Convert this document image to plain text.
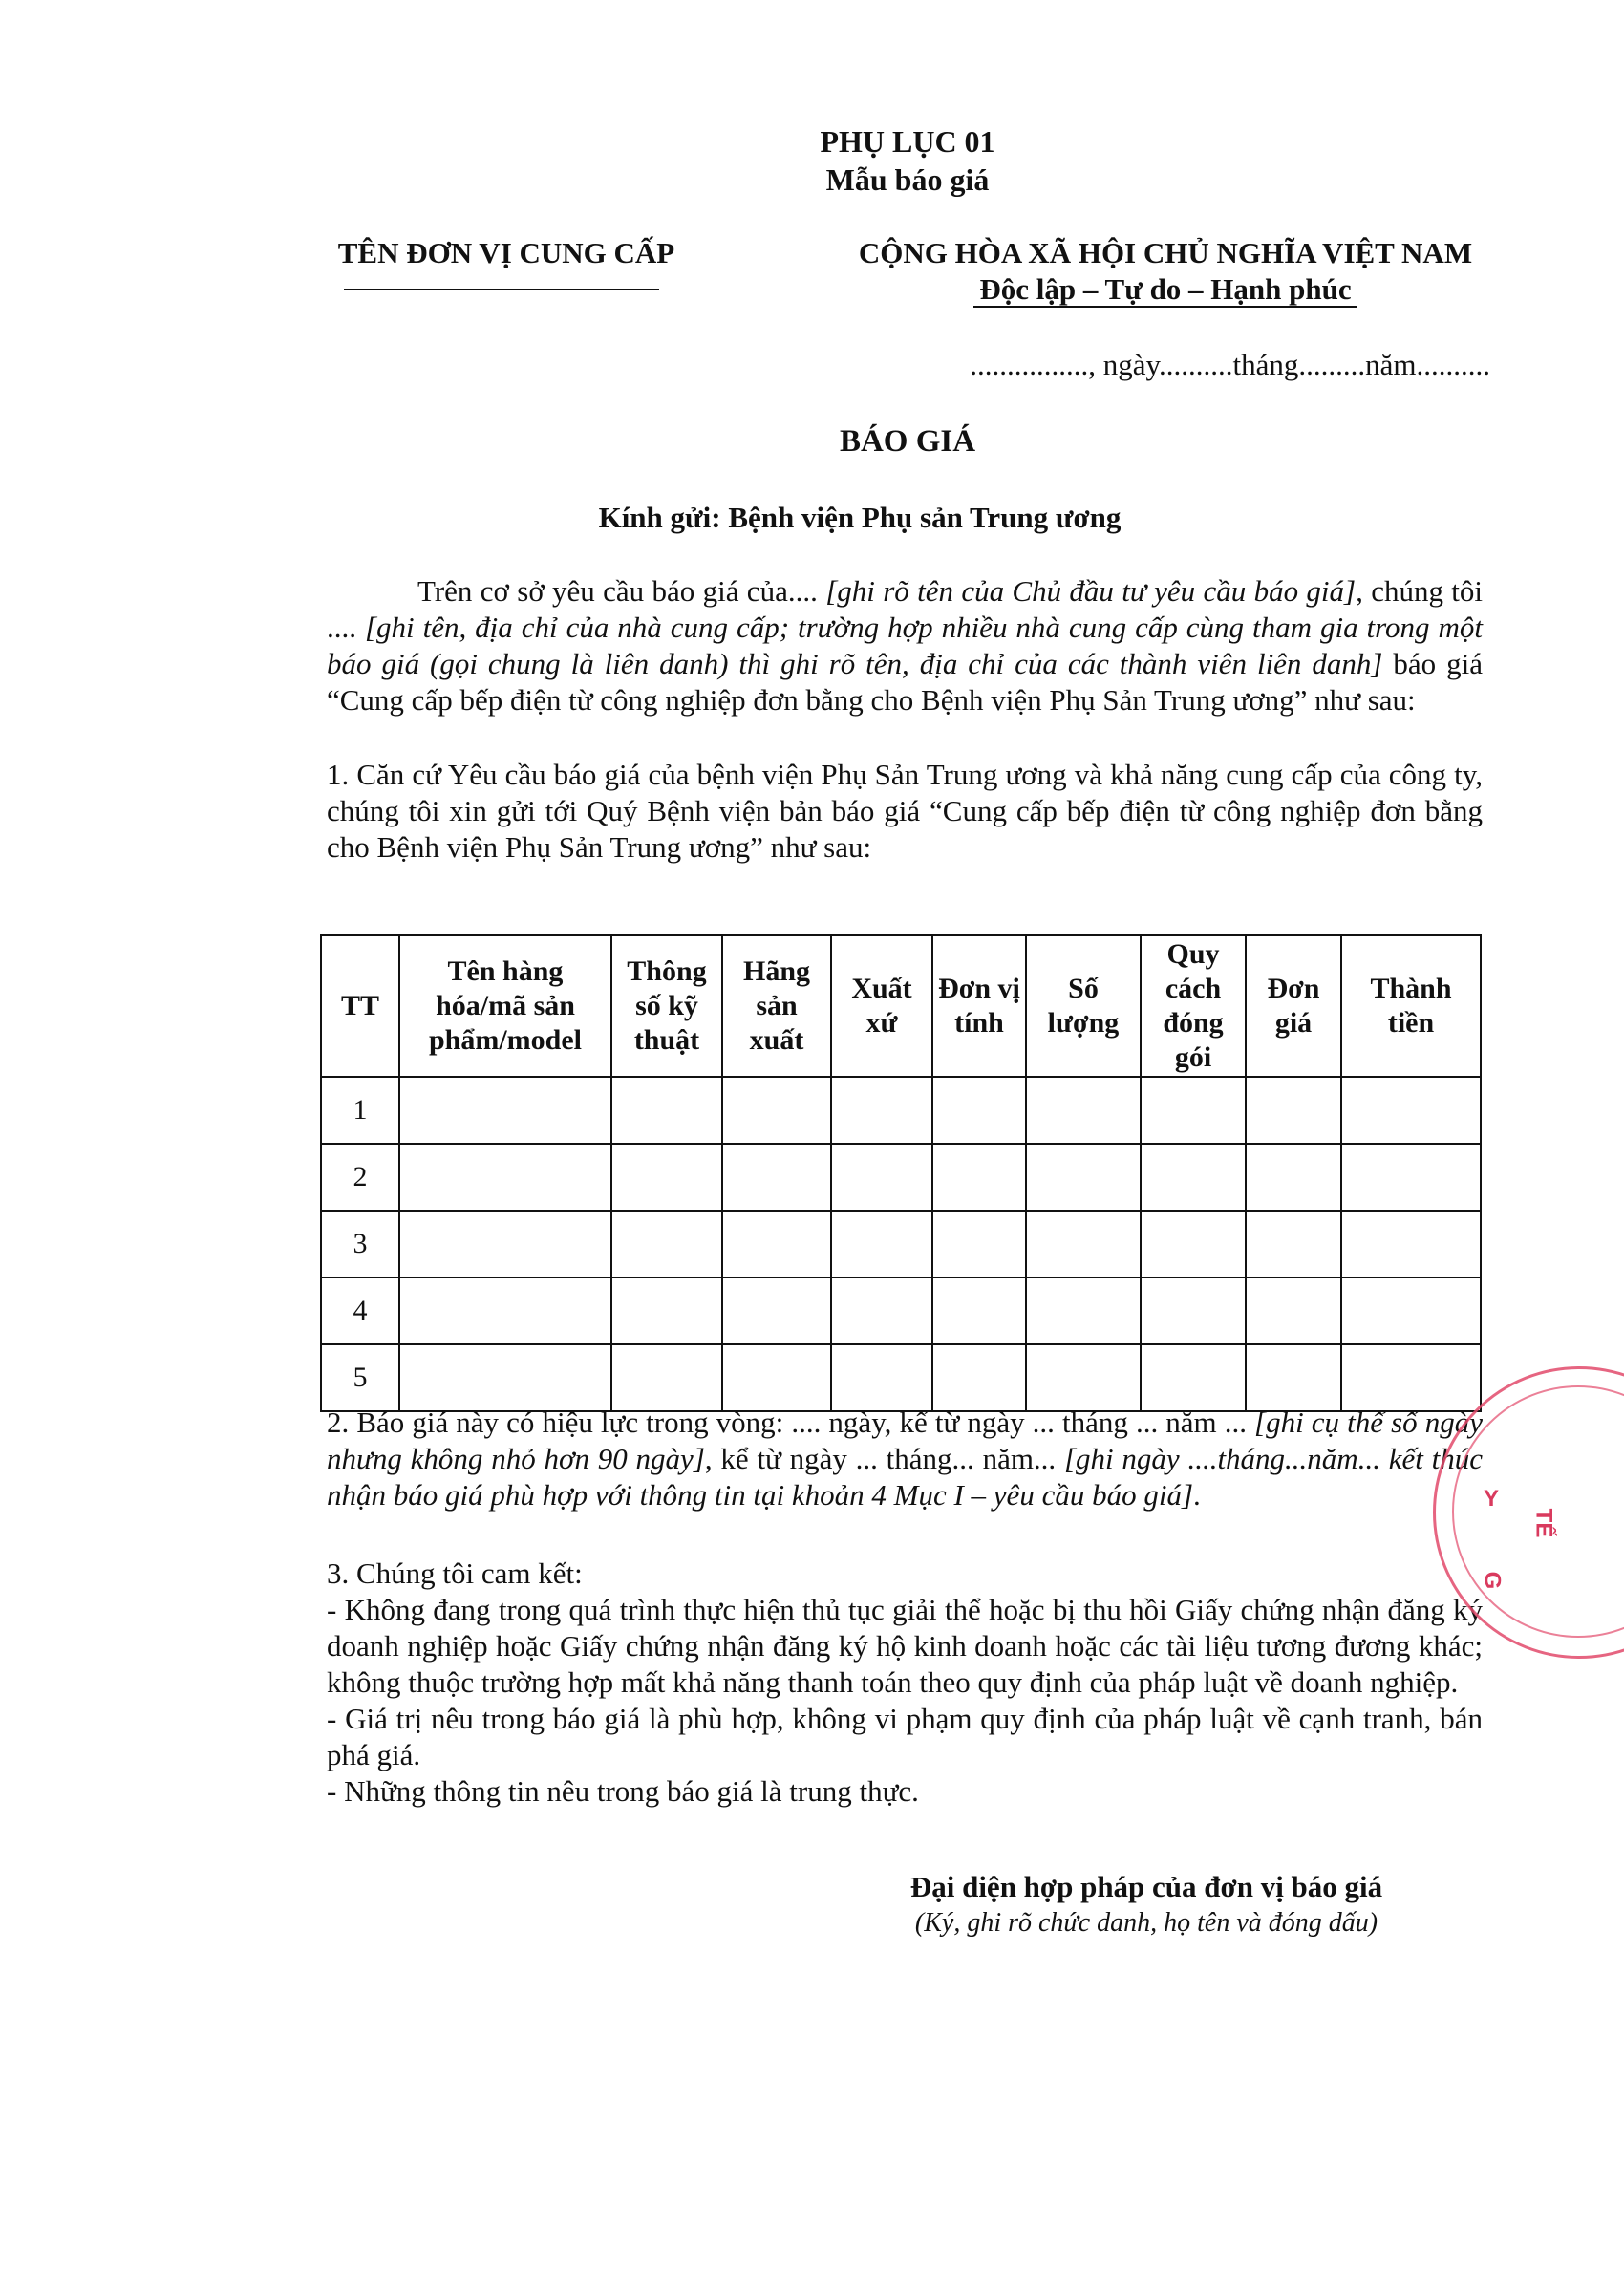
PHỤ LỤC 01
Mẫu báo giá
TÊN ĐƠN VỊ CUNG CẤP	CỘNG HÒA XÃ HỘI CHỦ NGHĨA VIỆT NAM
Độc lập – Tự do – Hạnh phúc
................, ngày..........tháng.........năm..........
BÁO GIÁ
Kính gửi: Bệnh viện Phụ sản Trung ương
Trên cơ sở yêu cầu báo giá của.... [ghi rõ tên của Chủ đầu tư yêu cầu báo giá], chúng tôi .... [ghi tên, địa chỉ của nhà cung cấp; trường hợp nhiều nhà cung cấp cùng tham gia trong một báo giá (gọi chung là liên danh) thì ghi rõ tên, địa chỉ của các thành viên liên danh] báo giá “Cung cấp bếp điện từ công nghiệp đơn bằng cho Bệnh viện Phụ Sản Trung ương” như sau:
1. Căn cứ Yêu cầu báo giá của bệnh viện Phụ Sản Trung ương và khả năng cung cấp của công ty, chúng tôi xin gửi tới Quý Bệnh viện bản báo giá “Cung cấp bếp điện từ công nghiệp đơn bằng cho Bệnh viện Phụ Sản Trung ương” như sau:
TT	Tên hàng hóa/mã sản phẩm/model	Thông số kỹ thuật	Hãng sản xuất	Xuất xứ	Đơn vị tính	Số lượng	Quy cách đóng gói	Đơn giá	Thành tiền
1									
2									
3									
4									
5									
2. Báo giá này có hiệu lực trong vòng: .... ngày, kể từ ngày ... tháng ... năm ... [ghi cụ thể số ngày nhưng không nhỏ hơn 90 ngày], kể từ ngày ... tháng... năm... [ghi ngày ....tháng...năm... kết thúc nhận báo giá phù hợp với thông tin tại khoản 4 Mục I – yêu cầu báo giá].
3. Chúng tôi cam kết:
- Không đang trong quá trình thực hiện thủ tục giải thể hoặc bị thu hồi Giấy chứng nhận đăng ký doanh nghiệp hoặc Giấy chứng nhận đăng ký hộ kinh doanh hoặc các tài liệu tương đương khác; không thuộc trường hợp mất khả năng thanh toán theo quy định của pháp luật về doanh nghiệp.
- Giá trị nêu trong báo giá là phù hợp, không vi phạm quy định của pháp luật về cạnh tranh, bán phá giá.
- Những thông tin nêu trong báo giá là trung thực.
Đại diện hợp pháp của đơn vị báo giá
(Ký, ghi rõ chức danh, họ tên và đóng dấu)
Y
TẾ
G
